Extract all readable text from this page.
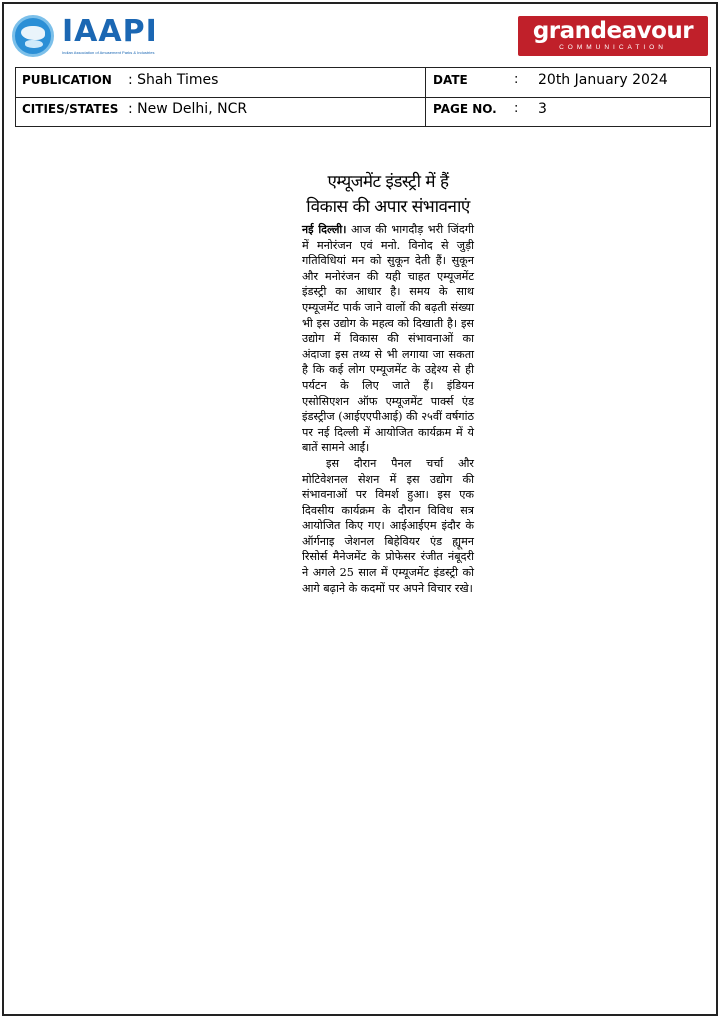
IAAPI
Indian Association of Amusement Parks & Industries
grandeavour
COMMUNICATION
PUBLICATION : Shah Times	DATE	: 20th January 2024
CITIES/STATES : New Delhi, NCR	PAGE NO. : 3
एम्यूजमेंट इंडस्ट्री में हैं
विकास की अपार संभावनाएं

नई दिल्ली। आज की भागदौड़ भरी जिंदगी में मनोरंजन एवं मनो. विनोद से जुड़ी गतिविधियां मन को सुकून देती हैं। सुकून और मनोरंजन की यही चाहत एम्यूजमेंट इंडस्ट्री का आधार है। समय के साथ एम्यूजमेंट पार्क जाने वालों की बढ़ती संख्या भी इस उद्योग के महत्व को दिखाती है। इस उद्योग में विकास की संभावनाओं का अंदाजा इस तथ्य से भी लगाया जा सकता है कि कई लोग एम्यूजमेंट के उद्देश्य से ही पर्यटन के लिए जाते हैं। इंडियन एसोसिएशन ऑफ एम्यूजमेंट पार्क्स एंड इंडस्ट्रीज (आईएएपीआई) की २५वीं वर्षगांठ पर नई दिल्ली में आयोजित कार्यक्रम में ये बातें सामने आईं।

इस दौरान पैनल चर्चा और मोटिवेशनल सेशन में इस उद्योग की संभावनाओं पर विमर्श हुआ। इस एक दिवसीय कार्यक्रम के दौरान विविध सत्र आयोजित किए गए। आईआईएम इंदौर के ऑर्गनाइ जेशनल बिहेवियर एंड ह्यूमन रिसोर्स मैनेजमेंट के प्रोफेसर रंजीत नंबूदरी ने अगले 25 साल में एम्यूजमेंट इंडस्ट्री को आगे बढ़ाने के कदमों पर अपने विचार रखे।
